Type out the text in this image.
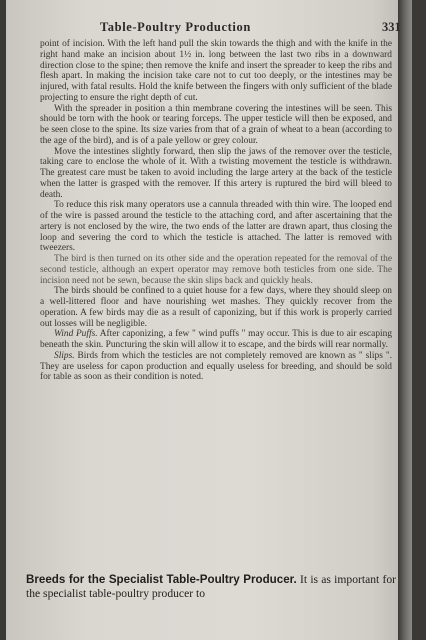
Table-Poultry Production	331

point of incision. With the left hand pull the skin towards the thigh and with the knife in the right hand make an incision about 1½ in. long between the last two ribs in a downward direction close to the spine; then remove the knife and insert the spreader to keep the ribs and flesh apart. In making the incision take care not to cut too deeply, or the intestines may be injured, with fatal results. Hold the knife between the fingers with only sufficient of the blade projecting to ensure the right depth of cut.

With the spreader in position a thin membrane covering the intestines will be seen. This should be torn with the hook or tearing forceps. The upper testicle will then be exposed, and be seen close to the spine. Its size varies from that of a grain of wheat to a bean (according to the age of the bird), and is of a pale yellow or grey colour.

Move the intestines slightly forward, then slip the jaws of the remover over the testicle, taking care to enclose the whole of it. With a twisting movement the testicle is withdrawn. The greatest care must be taken to avoid including the large artery at the back of the testicle when the latter is grasped with the remover. If this artery is ruptured the bird will bleed to death.

To reduce this risk many operators use a cannula threaded with thin wire. The looped end of the wire is passed around the testicle to the attaching cord, and after ascertaining that the artery is not enclosed by the wire, the two ends of the latter are drawn apart, thus closing the loop and severing the cord to which the testicle is attached. The latter is removed with tweezers.

The bird is then turned on its other side and the operation repeated for the removal of the second testicle, although an expert operator may remove both testicles from one side. The incision need not be sewn, because the skin slips back and quickly heals.

The birds should be confined to a quiet house for a few days, where they should sleep on a well-littered floor and have nourishing wet mashes. They quickly recover from the operation. A few birds may die as a result of caponizing, but if this work is properly carried out losses will be negligible.

Wind Puffs. After caponizing, a few " wind puffs " may occur. This is due to air escaping beneath the skin. Puncturing the skin will allow it to escape, and the birds will rear normally.

Slips. Birds from which the testicles are not completely removed are known as " slips ". They are useless for capon production and equally useless for breeding, and should be sold for table as soon as their condition is noted.

Breeds for the Specialist Table-Poultry Producer. It is as important for the specialist table-poultry producer to
